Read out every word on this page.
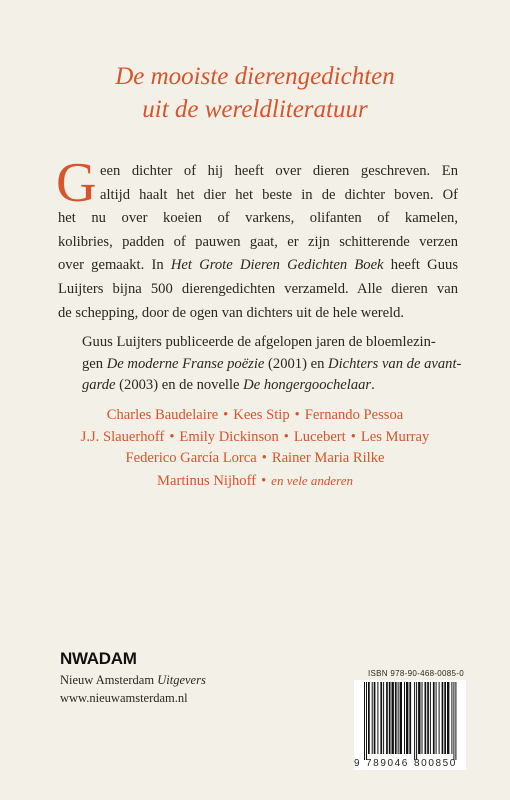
De mooiste dierengedichten
uit de wereldliteratuur
G een dichter of hij heeft over dieren geschreven. En
altijd haalt het dier het beste in de dichter boven. Of
het nu over koeien of varkens, olifanten of kamelen,
kolibries, padden of pauwen gaat, er zijn schitterende verzen
over gemaakt. In Het Grote Dieren Gedichten Boek heeft Guus
Luijters bijna 500 dierengedichten verzameld. Alle dieren van
de schepping, door de ogen van dichters uit de hele wereld.
Guus Luijters publiceerde de afgelopen jaren de bloemlezin-
gen De moderne Franse poëzie (2001) en Dichters van de avant-
garde (2003) en de novelle De hongergoochelaar.
Charles Baudelaire • Kees Stip • Fernando Pessoa
J.J. Slauerhoff • Emily Dickinson • Lucebert • Les Murray
Federico García Lorca • Rainer Maria Rilke
Martinus Nijhoff • en vele anderen
NWADAM
Nieuw Amsterdam Uitgevers
www.nieuwamsterdam.nl
ISBN 978-90-468-0085-0
9 789046 800850
